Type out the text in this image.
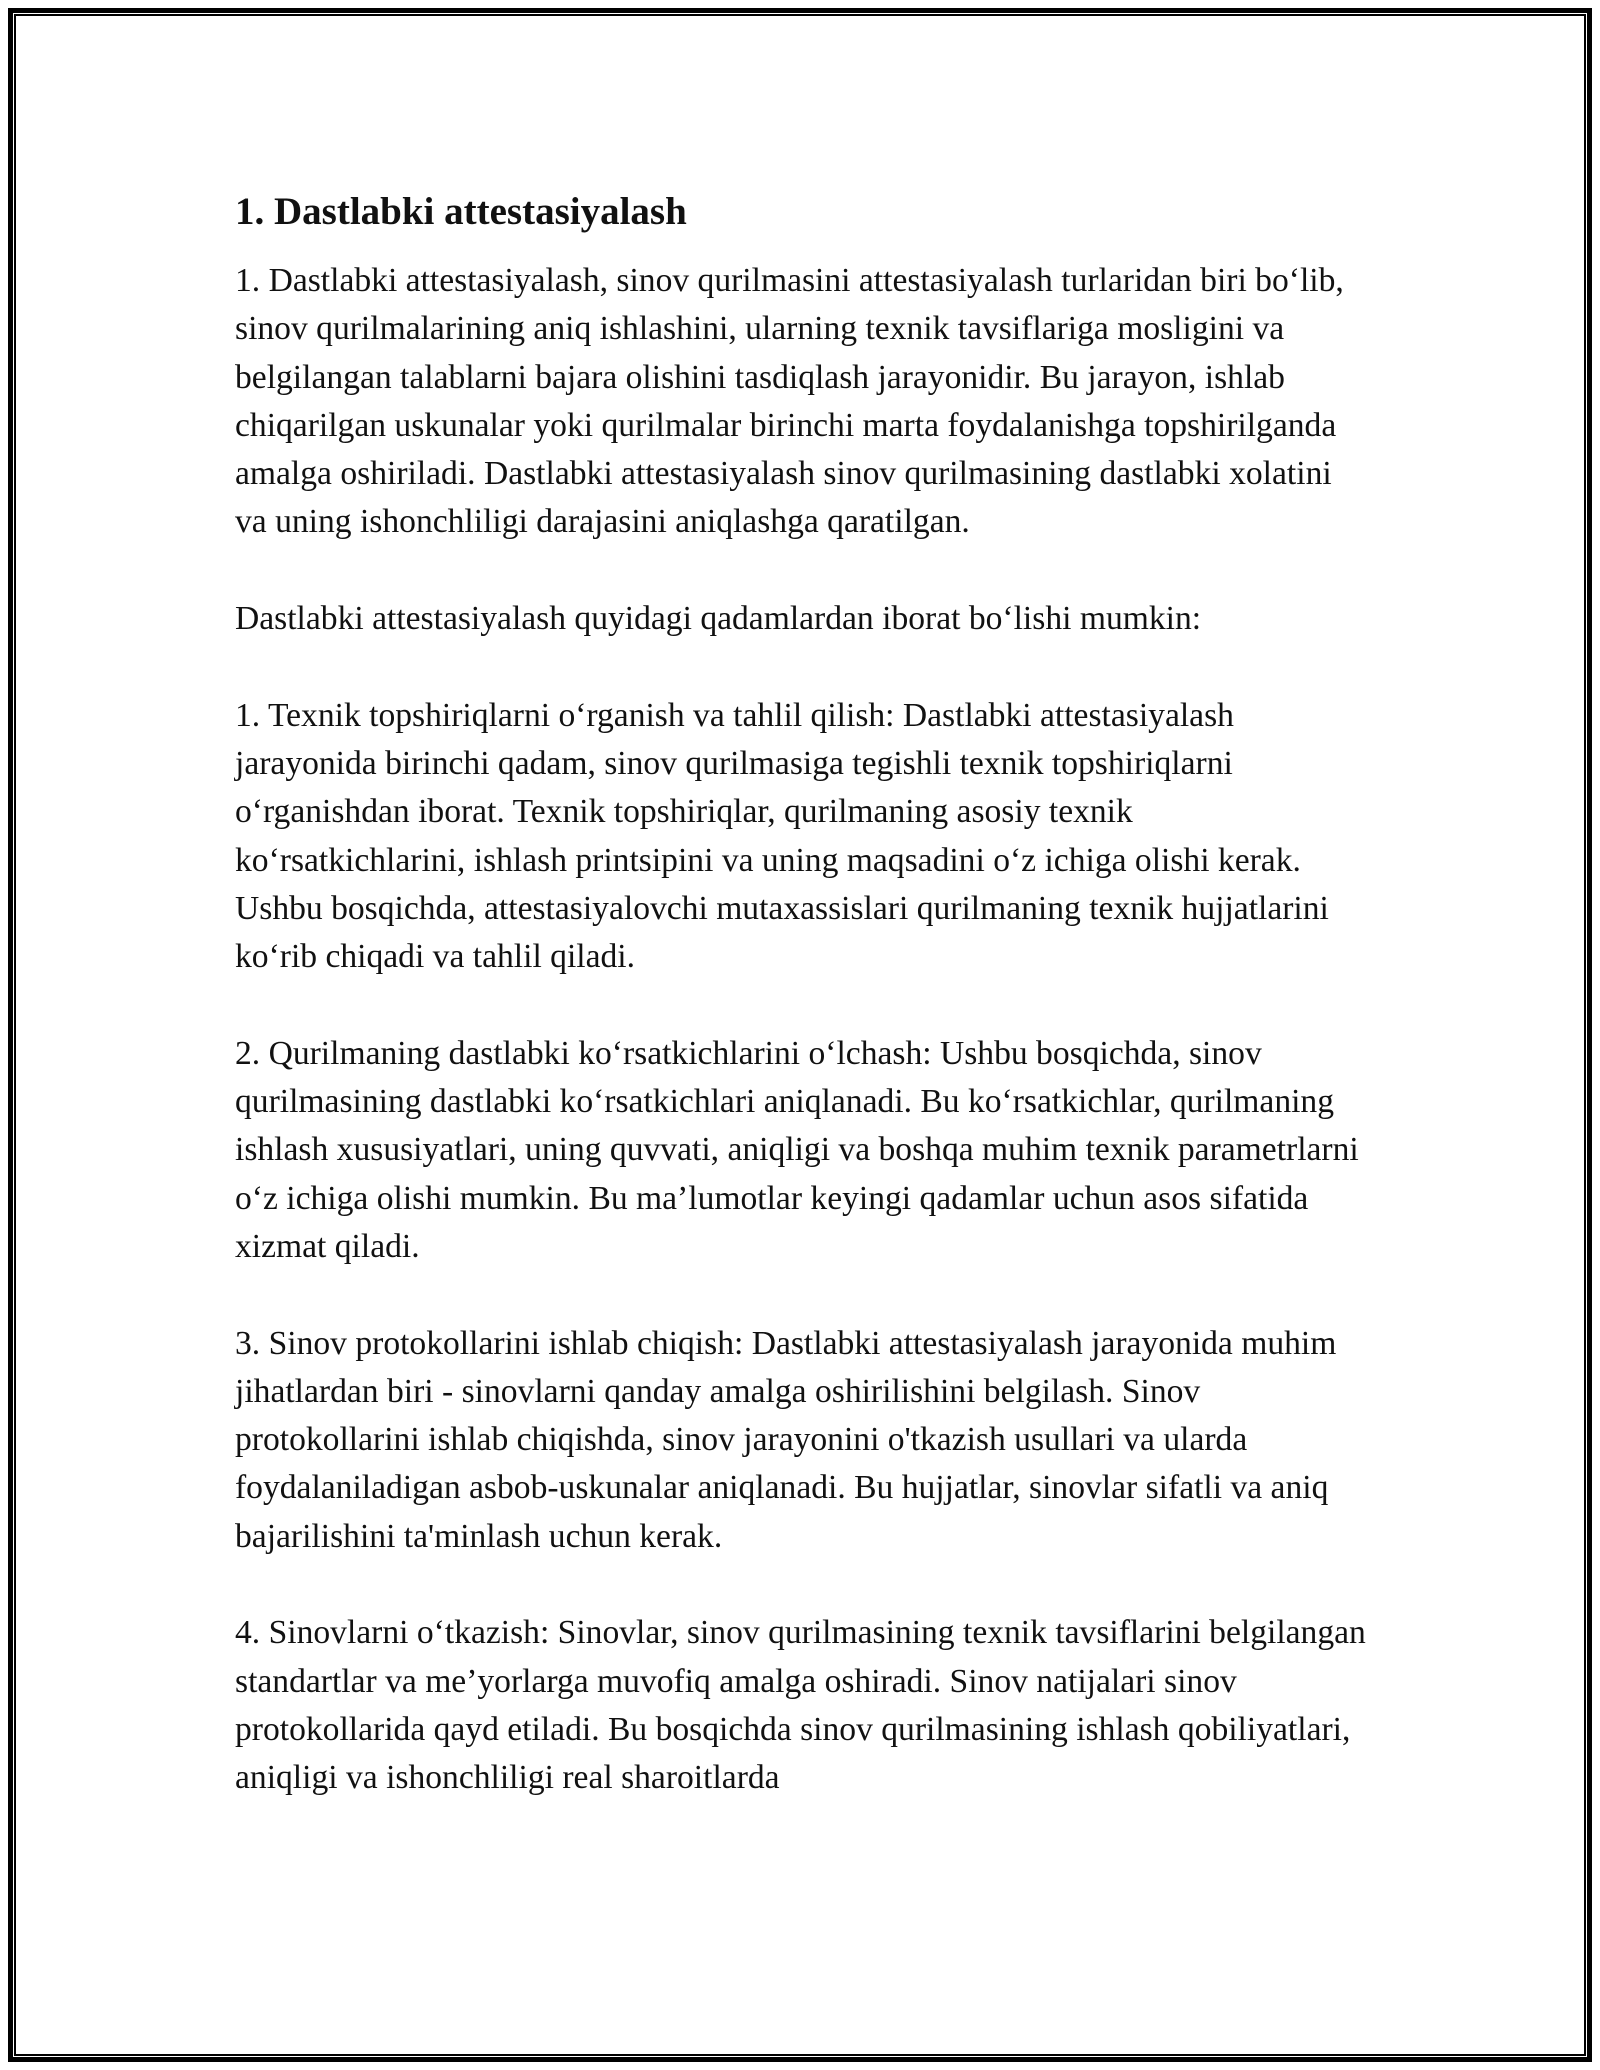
1. Dastlabki attestasiyalash

1. Dastlabki attestasiyalash, sinov qurilmasini attestasiyalash turlaridan biri bo‘lib, sinov qurilmalarining aniq ishlashini, ularning texnik tavsiflariga mosligini va belgilangan talablarni bajara olishini tasdiqlash jarayonidir. Bu jarayon, ishlab chiqarilgan uskunalar yoki qurilmalar birinchi marta foydalanishga topshirilganda amalga oshiriladi. Dastlabki attestasiyalash sinov qurilmasining dastlabki xolatini va uning ishonchliligi darajasini aniqlashga qaratilgan.

Dastlabki attestasiyalash quyidagi qadamlardan iborat bo‘lishi mumkin:

1. Texnik topshiriqlarni o‘rganish va tahlil qilish: Dastlabki attestasiyalash jarayonida birinchi qadam, sinov qurilmasiga tegishli texnik topshiriqlarni o‘rganishdan iborat. Texnik topshiriqlar, qurilmaning asosiy texnik ko‘rsatkichlarini, ishlash printsipini va uning maqsadini o‘z ichiga olishi kerak. Ushbu bosqichda, attestasiyalovchi mutaxassislari qurilmaning texnik hujjatlarini ko‘rib chiqadi va tahlil qiladi.

2. Qurilmaning dastlabki ko‘rsatkichlarini o‘lchash: Ushbu bosqichda, sinov qurilmasining dastlabki ko‘rsatkichlari aniqlanadi. Bu ko‘rsatkichlar, qurilmaning ishlash xususiyatlari, uning quvvati, aniqligi va boshqa muhim texnik parametrlarni o‘z ichiga olishi mumkin. Bu ma’lumotlar keyingi qadamlar uchun asos sifatida xizmat qiladi.

3. Sinov protokollarini ishlab chiqish: Dastlabki attestasiyalash jarayonida muhim jihatlardan biri - sinovlarni qanday amalga oshirilishini belgilash. Sinov protokollarini ishlab chiqishda, sinov jarayonini o'tkazish usullari va ularda foydalaniladigan asbob-uskunalar aniqlanadi. Bu hujjatlar, sinovlar sifatli va aniq bajarilishini ta'minlash uchun kerak.

4. Sinovlarni o‘tkazish: Sinovlar, sinov qurilmasining texnik tavsiflarini belgilangan standartlar va me’yorlarga muvofiq amalga oshiradi. Sinov natijalari sinov protokollarida qayd etiladi. Bu bosqichda sinov qurilmasining ishlash qobiliyatlari, aniqligi va ishonchliligi real sharoitlarda
